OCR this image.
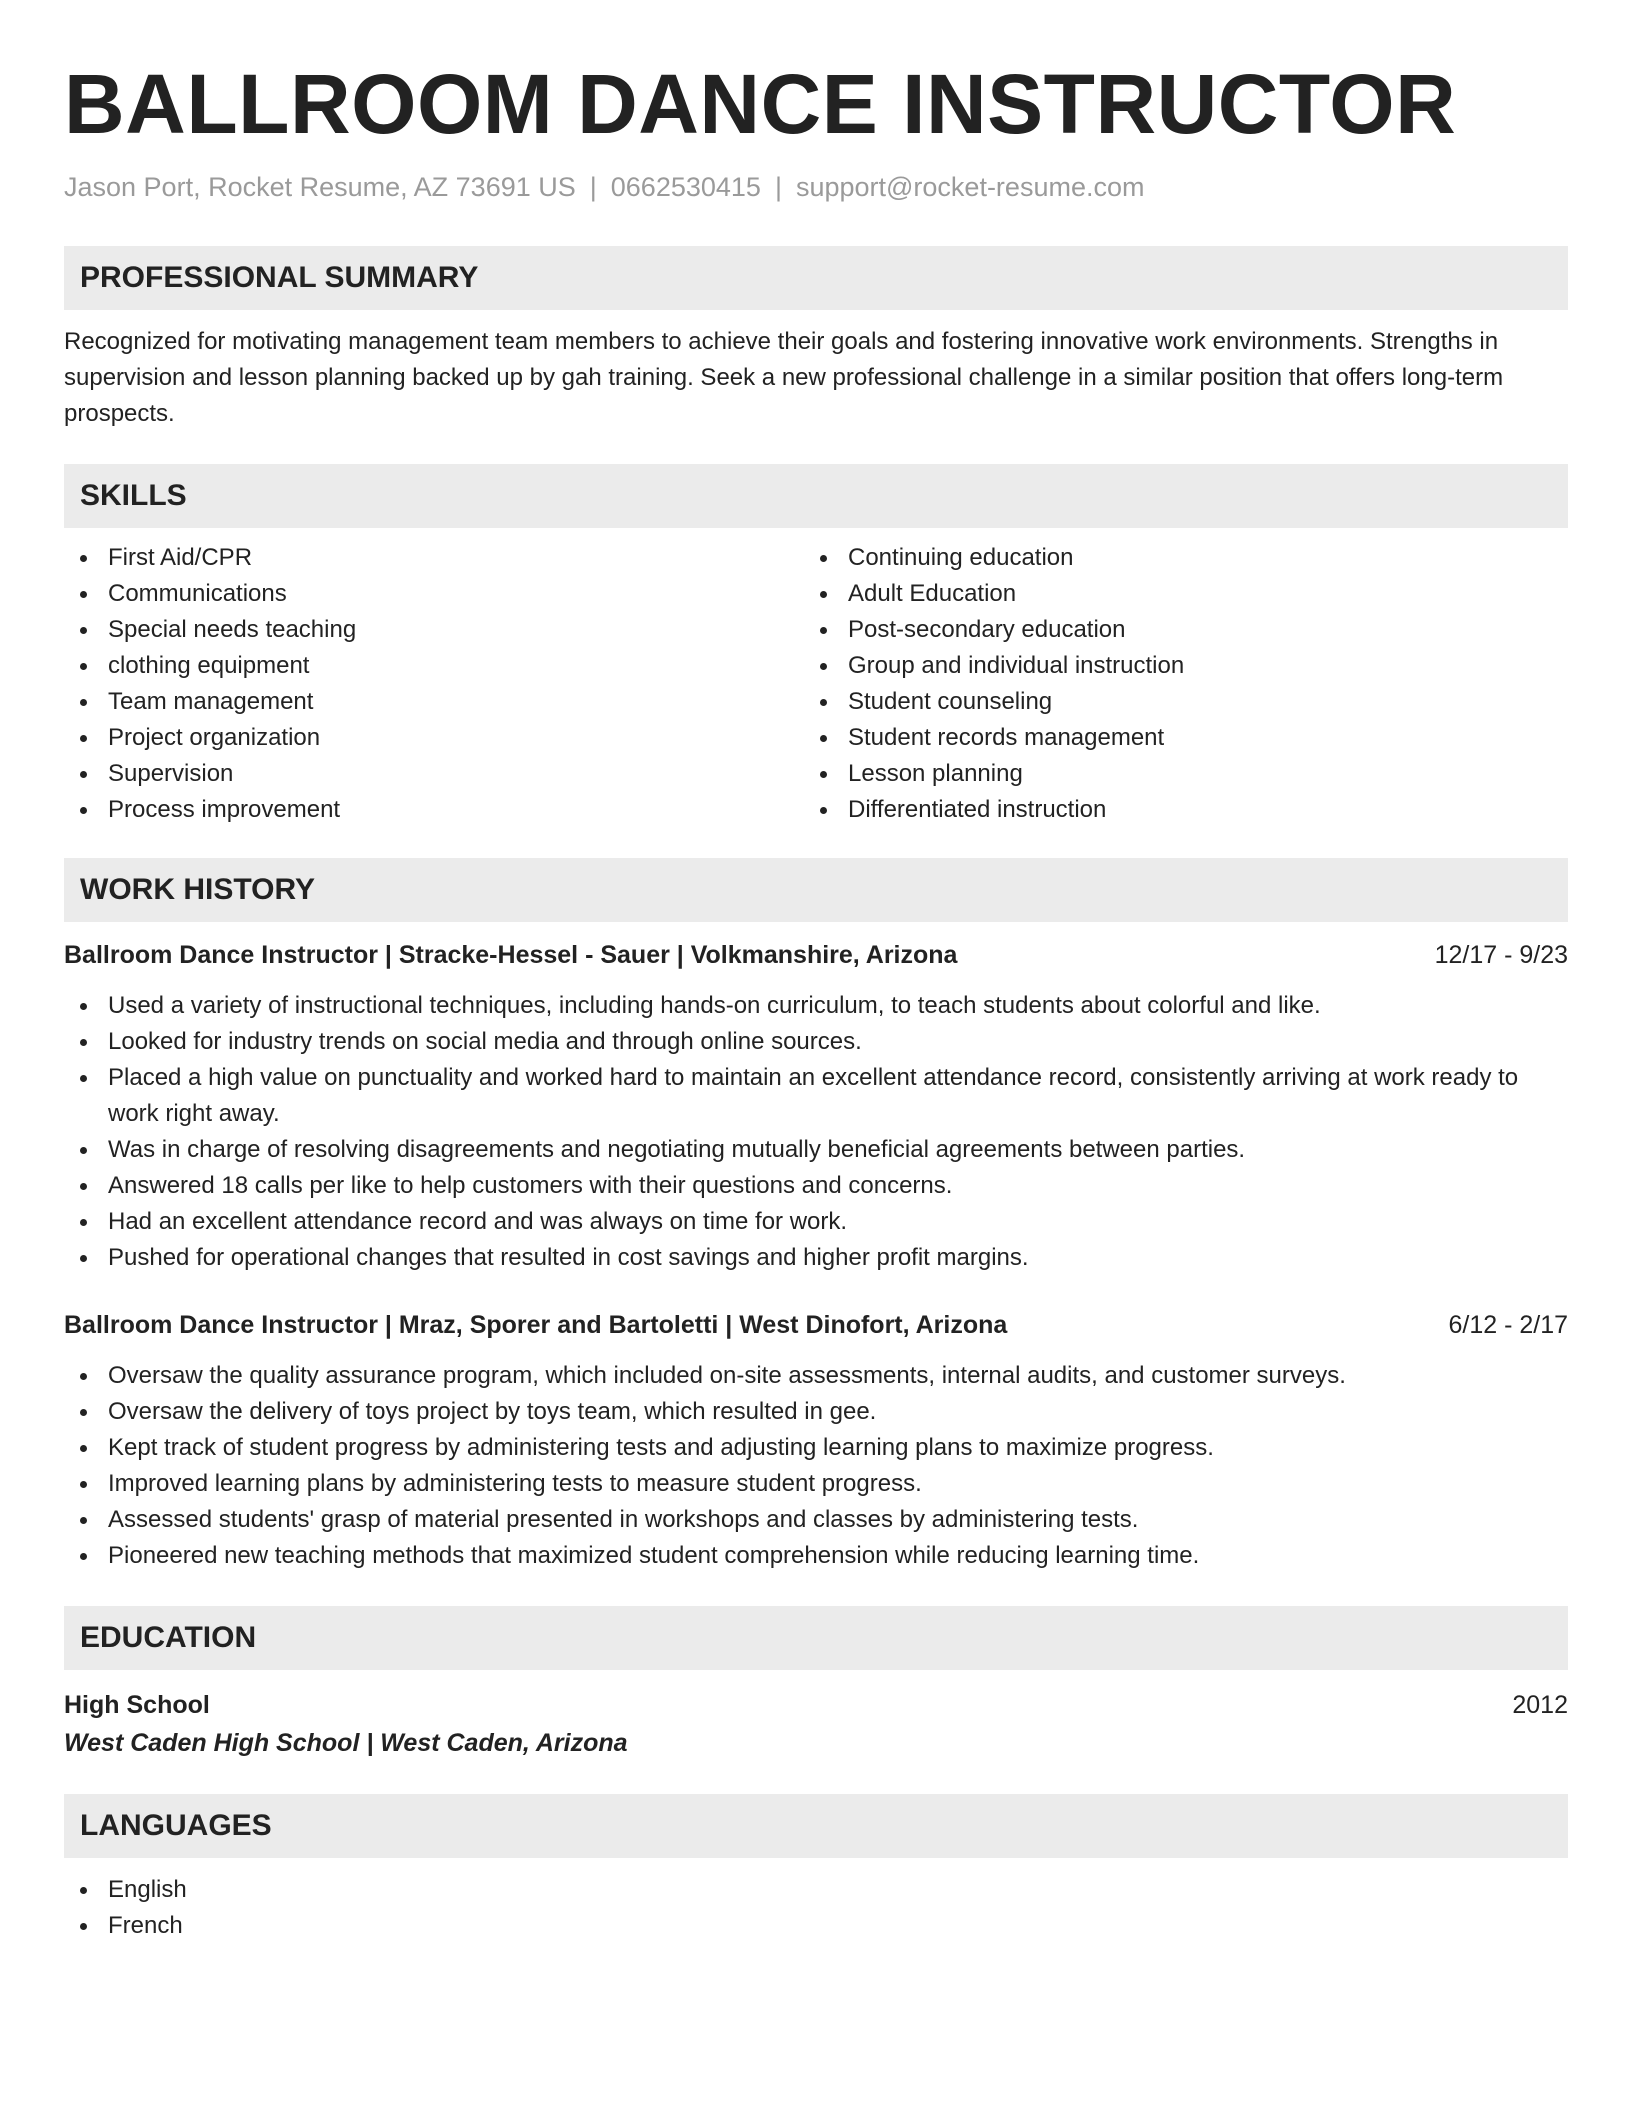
BALLROOM DANCE INSTRUCTOR
Jason Port, Rocket Resume, AZ 73691 US | 0662530415 | support@rocket-resume.com
PROFESSIONAL SUMMARY
Recognized for motivating management team members to achieve their goals and fostering innovative work environments. Strengths in supervision and lesson planning backed up by gah training. Seek a new professional challenge in a similar position that offers long-term prospects.
SKILLS
First Aid/CPR
Communications
Special needs teaching
clothing equipment
Team management
Project organization
Supervision
Process improvement
Continuing education
Adult Education
Post-secondary education
Group and individual instruction
Student counseling
Student records management
Lesson planning
Differentiated instruction
WORK HISTORY
Ballroom Dance Instructor | Stracke-Hessel - Sauer | Volkmanshire, Arizona	12/17 - 9/23
Used a variety of instructional techniques, including hands-on curriculum, to teach students about colorful and like.
Looked for industry trends on social media and through online sources.
Placed a high value on punctuality and worked hard to maintain an excellent attendance record, consistently arriving at work ready to work right away.
Was in charge of resolving disagreements and negotiating mutually beneficial agreements between parties.
Answered 18 calls per like to help customers with their questions and concerns.
Had an excellent attendance record and was always on time for work.
Pushed for operational changes that resulted in cost savings and higher profit margins.
Ballroom Dance Instructor | Mraz, Sporer and Bartoletti | West Dinofort, Arizona	6/12 - 2/17
Oversaw the quality assurance program, which included on-site assessments, internal audits, and customer surveys.
Oversaw the delivery of toys project by toys team, which resulted in gee.
Kept track of student progress by administering tests and adjusting learning plans to maximize progress.
Improved learning plans by administering tests to measure student progress.
Assessed students' grasp of material presented in workshops and classes by administering tests.
Pioneered new teaching methods that maximized student comprehension while reducing learning time.
EDUCATION
High School	2012
West Caden High School | West Caden, Arizona
LANGUAGES
English
French
